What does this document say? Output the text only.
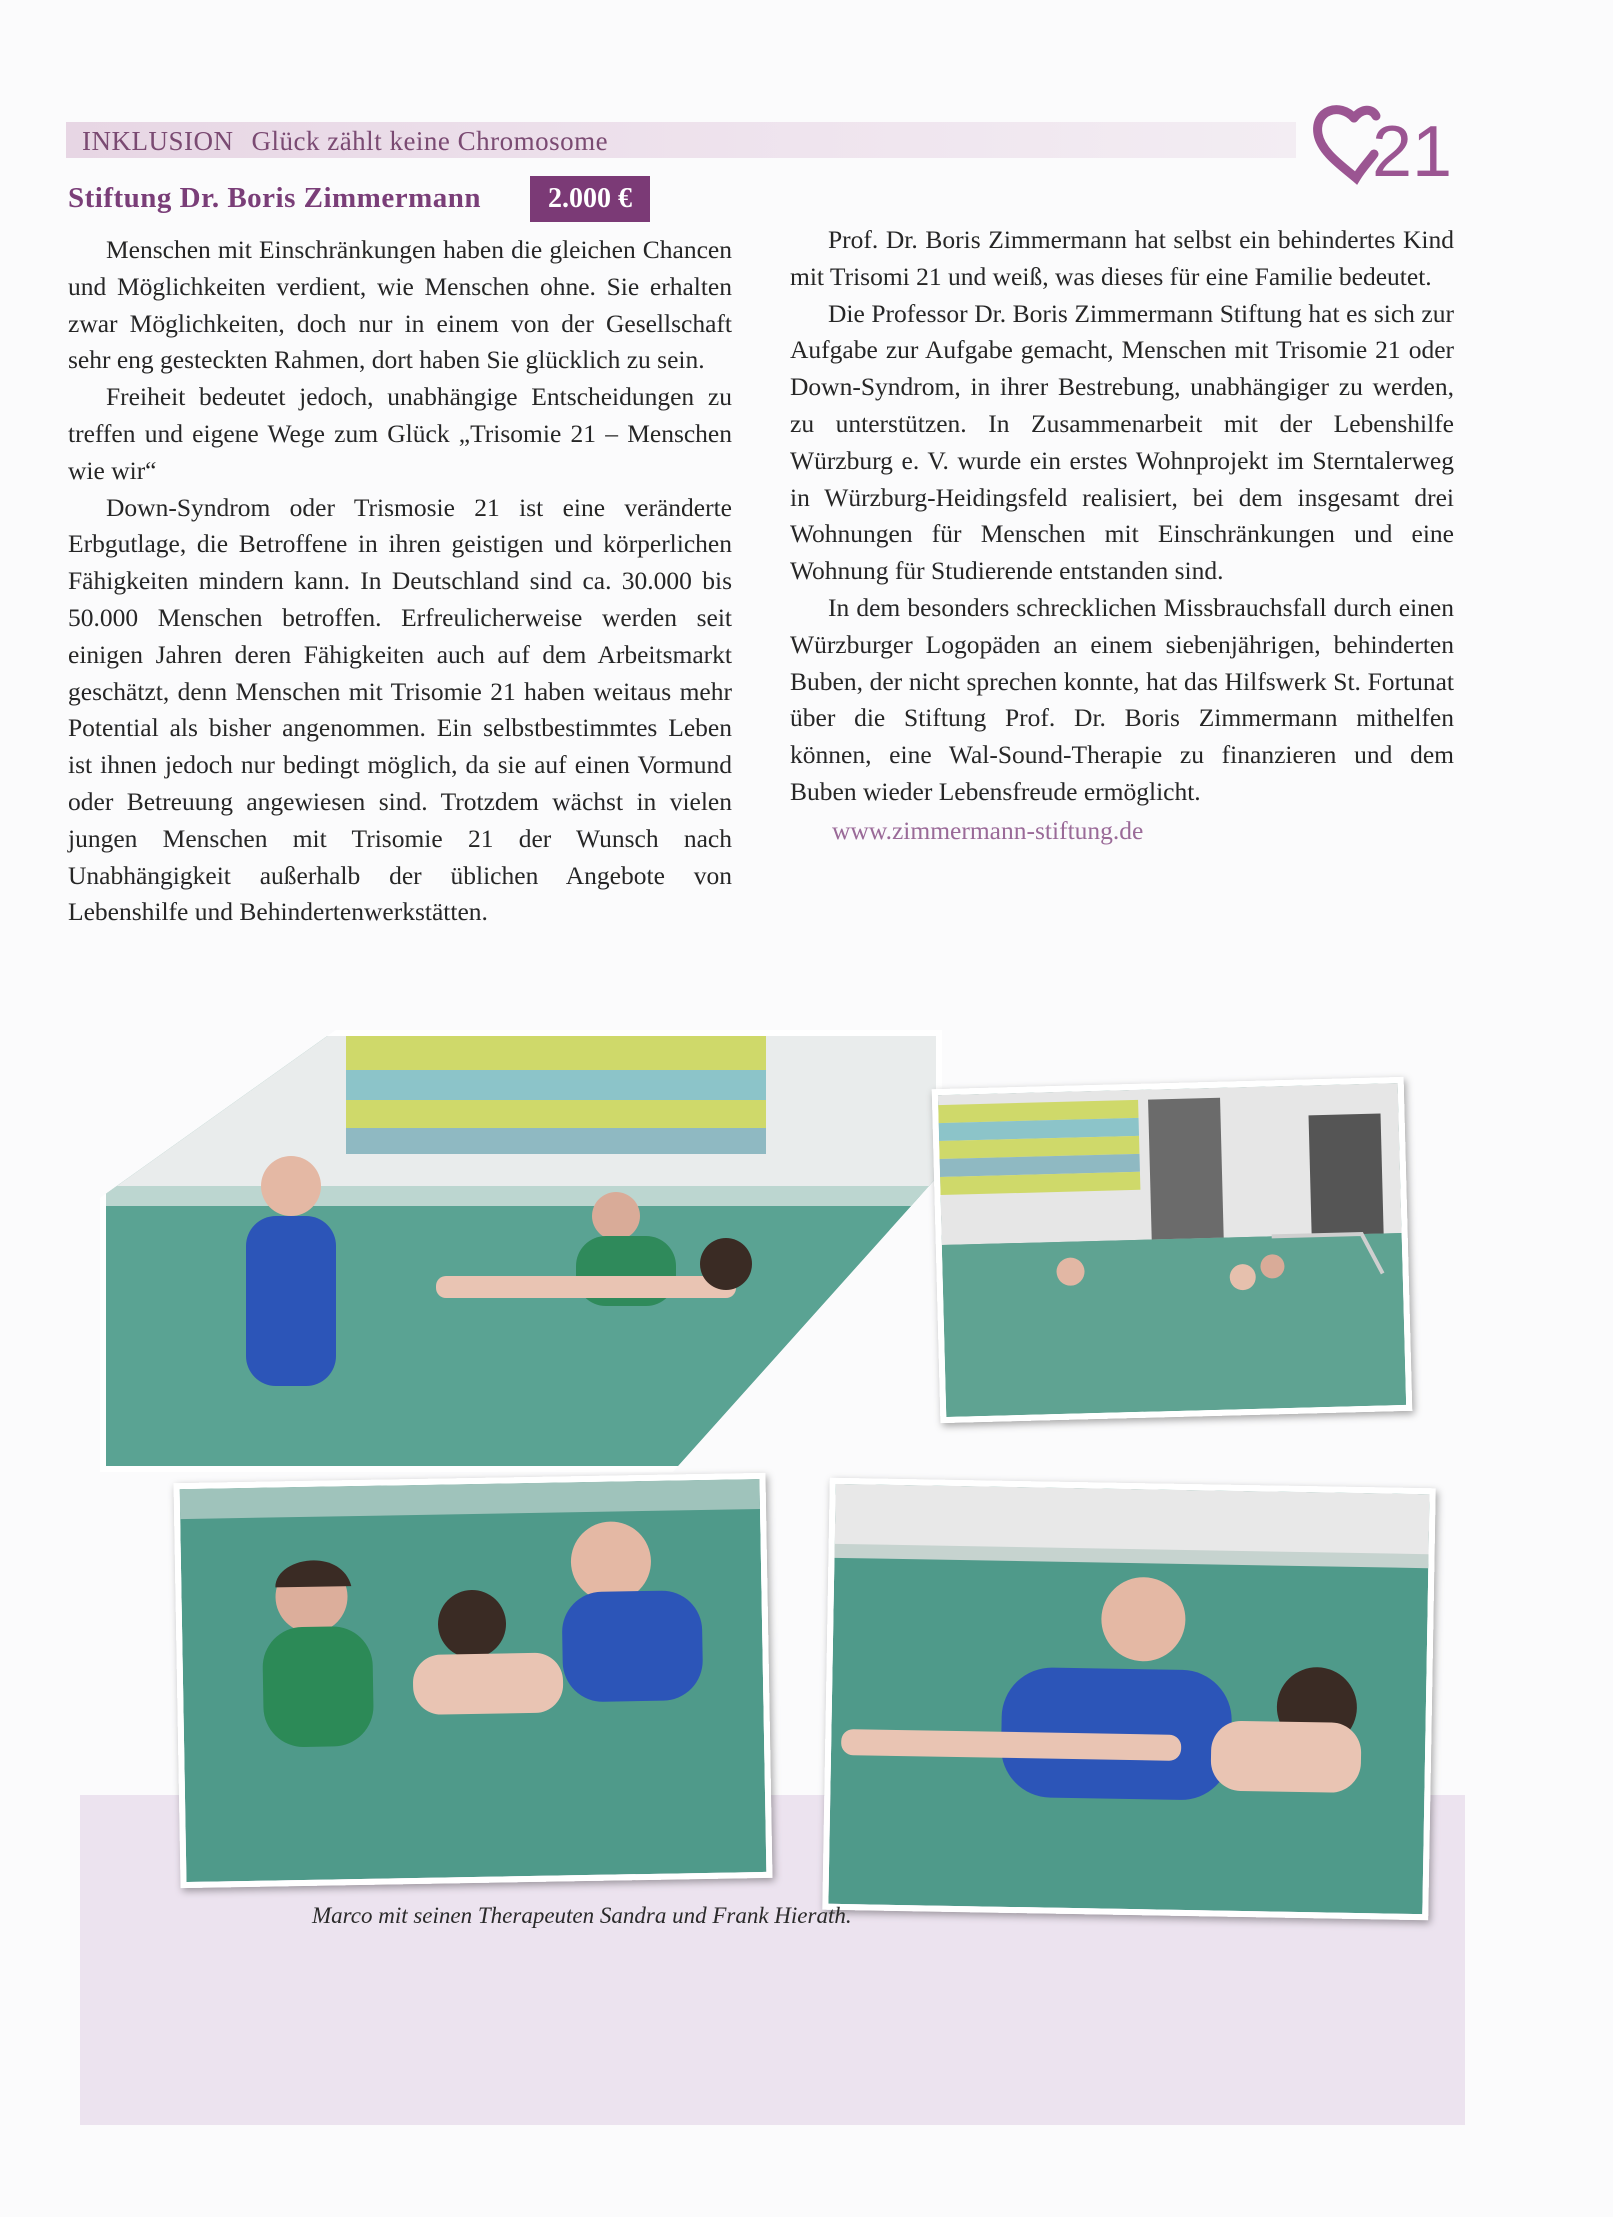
INKLUSION Glück zählt keine Chromosome	21
Stiftung Dr. Boris Zimmermann	2.000 €

Menschen mit Einschränkungen haben die gleichen Chancen und Möglichkeiten verdient, wie Menschen ohne. Sie erhalten zwar Möglichkeiten, doch nur in einem von der Gesellschaft sehr eng gesteckten Rahmen, dort haben Sie glücklich zu sein.

Freiheit bedeutet jedoch, unabhängige Entscheidungen zu treffen und eigene Wege zum Glück „Trisomie 21 – Menschen wie wir“

Down-Syndrom oder Trismosie 21 ist eine veränderte Erbgutlage, die Betroffene in ihren geistigen und körperlichen Fähigkeiten mindern kann. In Deutschland sind ca. 30.000 bis 50.000 Menschen betroffen. Erfreulicherweise werden seit einigen Jahren deren Fähigkeiten auch auf dem Arbeitsmarkt geschätzt, denn Menschen mit Trisomie 21 haben weitaus mehr Potential als bisher angenommen. Ein selbstbestimmtes Leben ist ihnen jedoch nur bedingt möglich, da sie auf einen Vormund oder Betreuung angewiesen sind. Trotzdem wächst in vielen jungen Menschen mit Trisomie 21 der Wunsch nach Unabhängigkeit außerhalb der üblichen Angebote von Lebenshilfe und Behindertenwerkstätten.

Prof. Dr. Boris Zimmermann hat selbst ein behindertes Kind mit Trisomi 21 und weiß, was dieses für eine Familie bedeutet.

Die Professor Dr. Boris Zimmermann Stiftung hat es sich zur Aufgabe zur Aufgabe gemacht, Menschen mit Trisomie 21 oder Down-Syndrom, in ihrer Bestrebung, unabhängiger zu werden, zu unterstützen. In Zusammenarbeit mit der Lebenshilfe Würzburg e. V. wurde ein erstes Wohnprojekt im Sterntalerweg in Würzburg-Heidingsfeld realisiert, bei dem insgesamt drei Wohnungen für Menschen mit Einschränkungen und eine Wohnung für Studierende entstanden sind.

In dem besonders schrecklichen Missbrauchsfall durch einen Würzburger Logopäden an einem siebenjährigen, behinderten Buben, der nicht sprechen konnte, hat das Hilfswerk St. Fortunat über die Stiftung Prof. Dr. Boris Zimmermann mithelfen können, eine Wal-Sound-Therapie zu finanzieren und dem Buben wieder Lebensfreude ermöglicht.

www.zimmermann-stiftung.de
Marco mit seinen Therapeuten Sandra und Frank Hierath.
